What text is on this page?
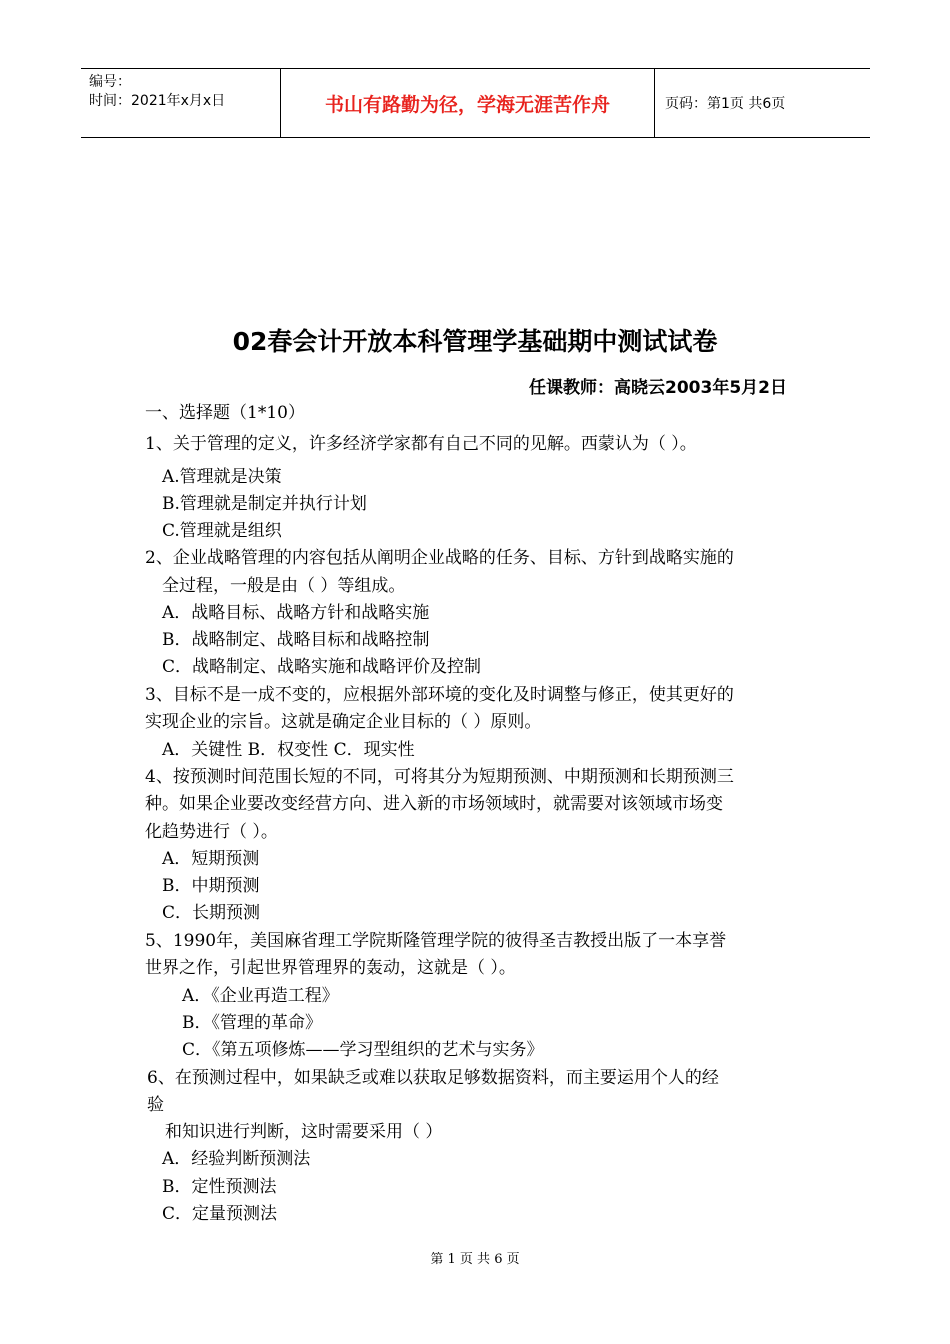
编号：
时间：2021年x月x日	书山有路勤为径，学海无涯苦作舟	页码：第1页 共6页
02春会计开放本科管理学基础期中测试试卷
任课教师：高晓云2003年5月2日
一、选择题（1*10）
1、关于管理的定义，许多经济学家都有自己不同的见解。西蒙认为（ ）。
A.管理就是决策
B.管理就是制定并执行计划
C.管理就是组织
2、企业战略管理的内容包括从阐明企业战略的任务、目标、方针到战略实施的
全过程，一般是由（ ）等组成。
A．战略目标、战略方针和战略实施
B．战略制定、战略目标和战略控制
C．战略制定、战略实施和战略评价及控制
3、目标不是一成不变的，应根据外部环境的变化及时调整与修正，使其更好的
实现企业的宗旨。这就是确定企业目标的（ ）原则。
A．关键性 B．权变性 C．现实性
4、按预测时间范围长短的不同，可将其分为短期预测、中期预测和长期预测三
种。如果企业要改变经营方向、进入新的市场领域时，就需要对该领域市场变
化趋势进行（ ）。
A．短期预测
B．中期预测
C．长期预测
5、1990年，美国麻省理工学院斯隆管理学院的彼得圣吉教授出版了一本享誉
世界之作，引起世界管理界的轰动，这就是（ ）。
A．《企业再造工程》
B．《管理的革命》
C．《第五项修炼——学习型组织的艺术与实务》
6、在预测过程中，如果缺乏或难以获取足够数据资料，而主要运用个人的经
验
和知识进行判断，这时需要采用（ ）
A．经验判断预测法
B．定性预测法
C．定量预测法
第 1 页 共 6 页
